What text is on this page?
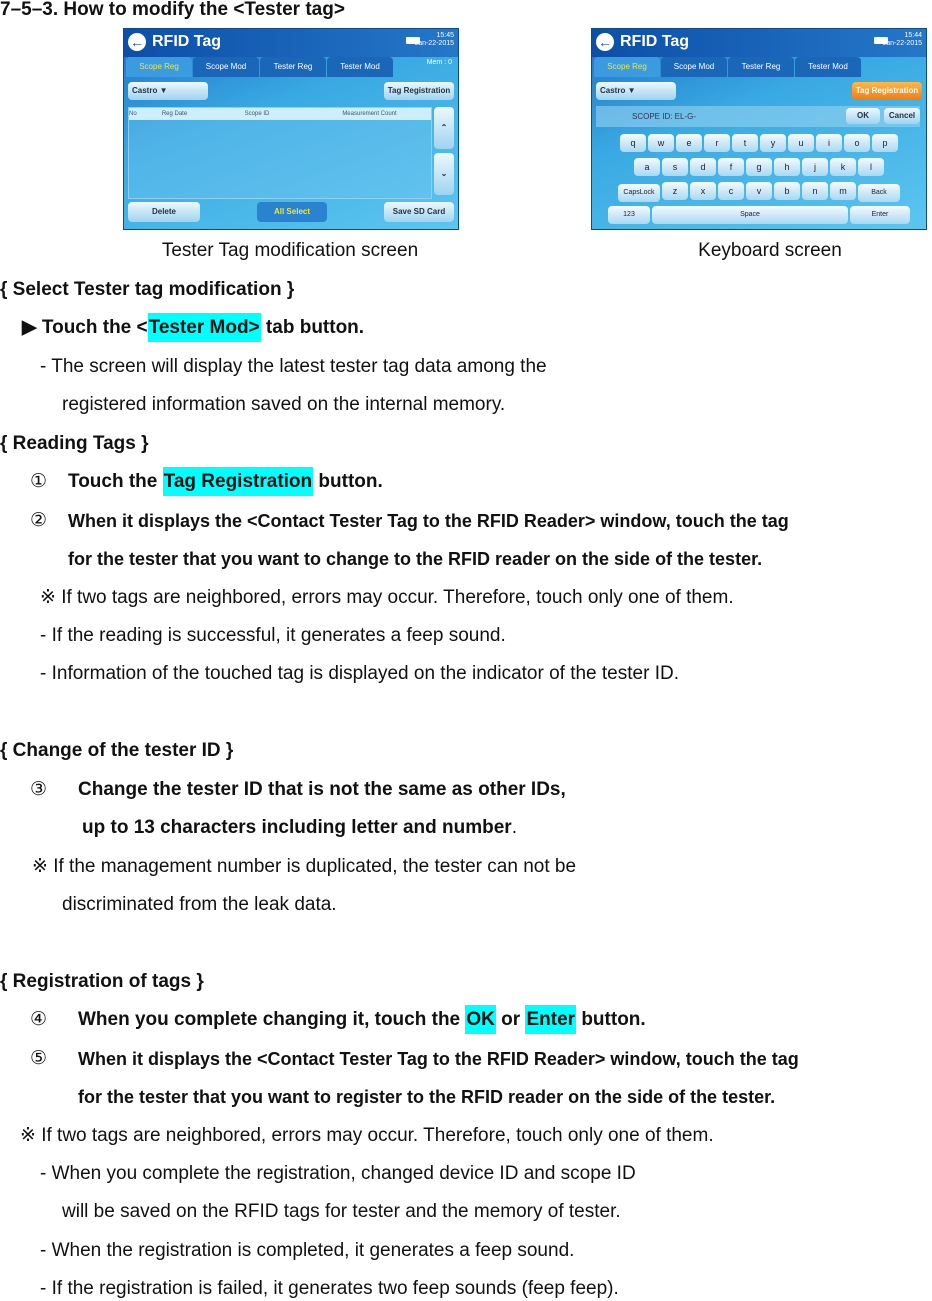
7–5–3. How to modify the <Tester tag>
← RFID Tag	15:45
Jan-22-2015
Scope Reg	Scope Mod	Tester Reg	Tester Mod	Mem : 0
Castro ▼	Tag Registration
No	Reg Date	Scope ID	Measurement Count
⌃
⌄
Delete	All Select	Save SD Card
← RFID Tag	15:44
Jan-22-2015
Scope Reg	Scope Mod	Tester Reg	Tester Mod
Castro ▼	Tag Registration
SCOPE ID: EL-G-	OK	Cancel
q w e	r	t	y	u	i	o	p
a	s	d	f	g	h	j	k	l
CapsLock z	x	c	v	b	n m	Back
123	Space	Enter
Tester Tag modification screen	Keyboard screen
{ Select Tester tag modification }
▶ Touch the <Tester Mod> tab button.
- The screen will display the latest tester tag data among the
registered information saved on the internal memory.
{ Reading Tags }
① Touch the Tag Registration button.
② When it displays the <Contact Tester Tag to the RFID Reader> window, touch the tag
for the tester that you want to change to the RFID reader on the side of the tester.
※ If two tags are neighbored, errors may occur. Therefore, touch only one of them.
- If the reading is successful, it generates a feep sound.
- Information of the touched tag is displayed on the indicator of the tester ID.
{ Change of the tester ID }
③ Change the tester ID that is not the same as other IDs,
up to 13 characters including letter and number.
※ If the management number is duplicated, the tester can not be
discriminated from the leak data.
{ Registration of tags }
④ When you complete changing it, touch the OK or Enter button.
⑤ When it displays the <Contact Tester Tag to the RFID Reader> window, touch the tag
for the tester that you want to register to the RFID reader on the side of the tester.
※ If two tags are neighbored, errors may occur. Therefore, touch only one of them.
- When you complete the registration, changed device ID and scope ID
will be saved on the RFID tags for tester and the memory of tester.
- When the registration is completed, it generates a feep sound.
- If the registration is failed, it generates two feep sounds (feep feep).
